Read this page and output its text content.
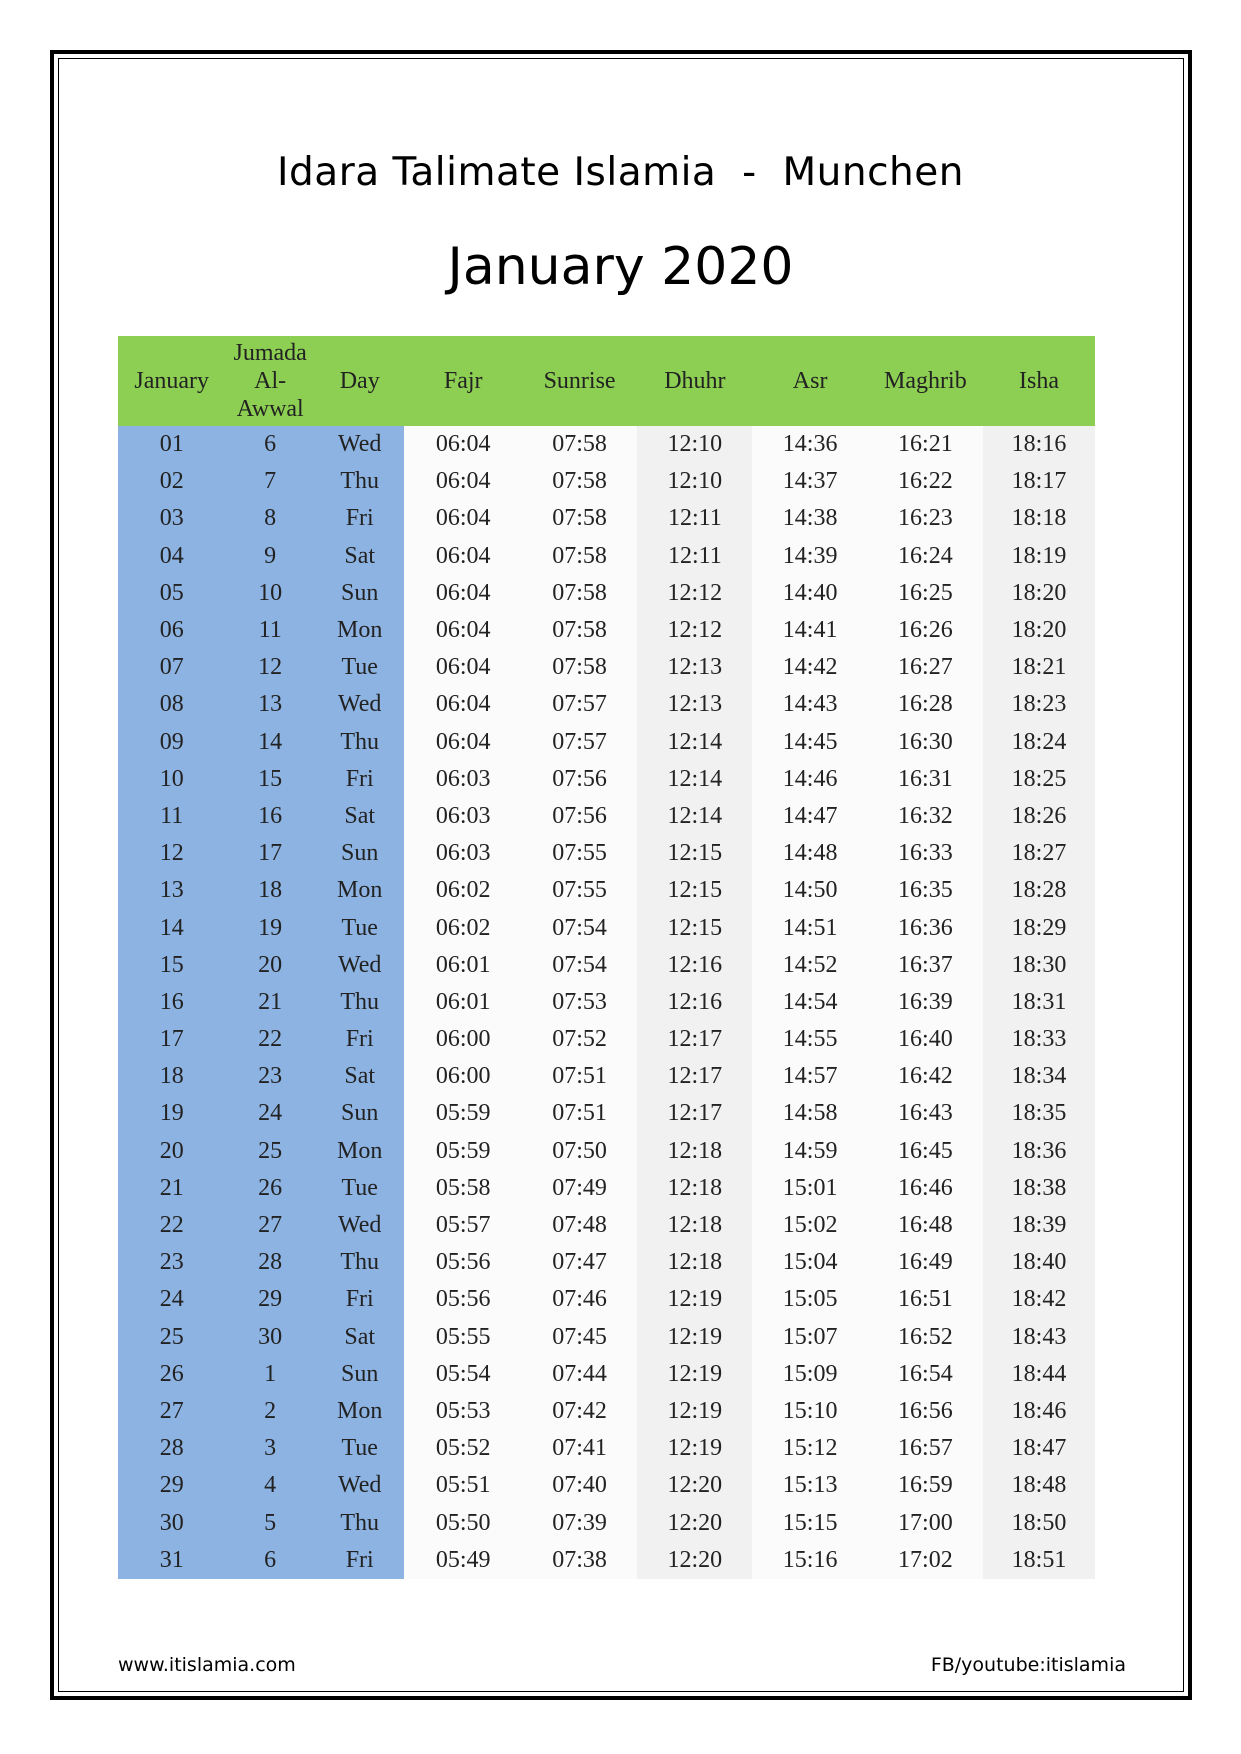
Idara Talimate Islamia  -  Munchen
January 2020
January	Jumada Al-Awwal	Day	Fajr	Sunrise	Dhuhr	Asr	Maghrib	Isha
01	6	Wed	06:04	07:58	12:10	14:36	16:21	18:16
02	7	Thu	06:04	07:58	12:10	14:37	16:22	18:17
03	8	Fri	06:04	07:58	12:11	14:38	16:23	18:18
04	9	Sat	06:04	07:58	12:11	14:39	16:24	18:19
05	10	Sun	06:04	07:58	12:12	14:40	16:25	18:20
06	11	Mon	06:04	07:58	12:12	14:41	16:26	18:20
07	12	Tue	06:04	07:58	12:13	14:42	16:27	18:21
08	13	Wed	06:04	07:57	12:13	14:43	16:28	18:23
09	14	Thu	06:04	07:57	12:14	14:45	16:30	18:24
10	15	Fri	06:03	07:56	12:14	14:46	16:31	18:25
11	16	Sat	06:03	07:56	12:14	14:47	16:32	18:26
12	17	Sun	06:03	07:55	12:15	14:48	16:33	18:27
13	18	Mon	06:02	07:55	12:15	14:50	16:35	18:28
14	19	Tue	06:02	07:54	12:15	14:51	16:36	18:29
15	20	Wed	06:01	07:54	12:16	14:52	16:37	18:30
16	21	Thu	06:01	07:53	12:16	14:54	16:39	18:31
17	22	Fri	06:00	07:52	12:17	14:55	16:40	18:33
18	23	Sat	06:00	07:51	12:17	14:57	16:42	18:34
19	24	Sun	05:59	07:51	12:17	14:58	16:43	18:35
20	25	Mon	05:59	07:50	12:18	14:59	16:45	18:36
21	26	Tue	05:58	07:49	12:18	15:01	16:46	18:38
22	27	Wed	05:57	07:48	12:18	15:02	16:48	18:39
23	28	Thu	05:56	07:47	12:18	15:04	16:49	18:40
24	29	Fri	05:56	07:46	12:19	15:05	16:51	18:42
25	30	Sat	05:55	07:45	12:19	15:07	16:52	18:43
26	1	Sun	05:54	07:44	12:19	15:09	16:54	18:44
27	2	Mon	05:53	07:42	12:19	15:10	16:56	18:46
28	3	Tue	05:52	07:41	12:19	15:12	16:57	18:47
29	4	Wed	05:51	07:40	12:20	15:13	16:59	18:48
30	5	Thu	05:50	07:39	12:20	15:15	17:00	18:50
31	6	Fri	05:49	07:38	12:20	15:16	17:02	18:51
www.itislamia.com	FB/youtube:itislamia
